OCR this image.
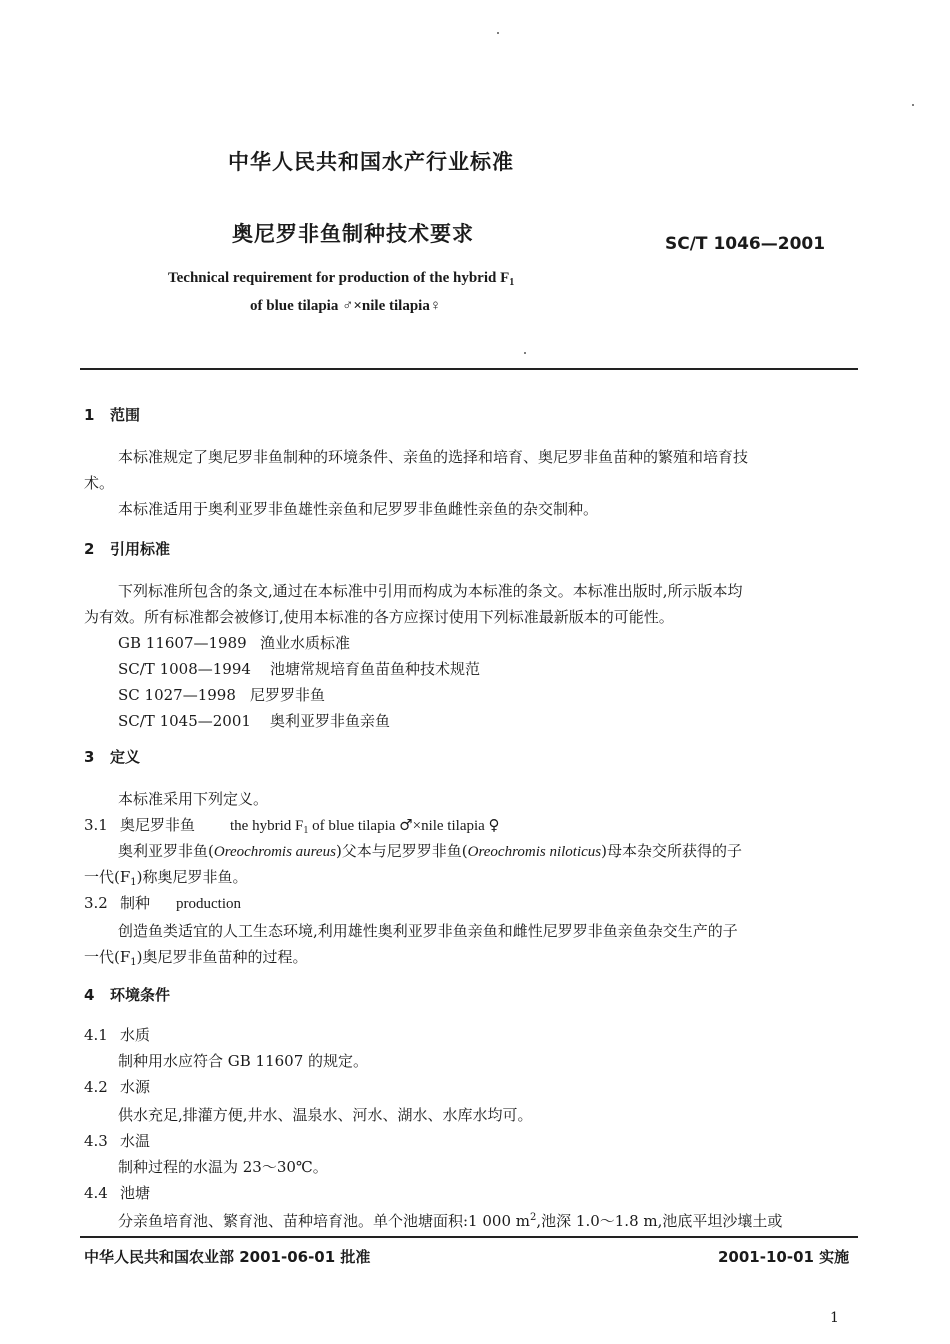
中华人民共和国水产行业标准
奥尼罗非鱼制种技术要求	SC/T 1046—2001
Technical requirement for production of the hybrid $F_1$
of blue tilapia ♂×nile tilapia♀
1 范围
本标准规定了奥尼罗非鱼制种的环境条件、亲鱼的选择和培育、奥尼罗非鱼苗种的繁殖和培育技
术。
本标准适用于奥利亚罗非鱼雄性亲鱼和尼罗罗非鱼雌性亲鱼的杂交制种。
2 引用标准
下列标准所包含的条文,通过在本标准中引用而构成为本标准的条文。本标准出版时,所示版本均
为有效。所有标准都会被修订,使用本标准的各方应探讨使用下列标准最新版本的可能性。
GB 11607—1989 渔业水质标准
SC/T 1008—1994 池塘常规培育鱼苗鱼种技术规范
SC 1027—1998 尼罗罗非鱼
SC/T 1045—2001 奥利亚罗非鱼亲鱼
3 定义
本标准采用下列定义。
3.1 奥尼罗非鱼 the hybrid $F_1$ of blue tilapia ♂×nile tilapia ♀
奥利亚罗非鱼(Oreochromis aureus)父本与尼罗罗非鱼(Oreochromis niloticus)母本杂交所获得的子
一代$(F_1)$称奥尼罗非鱼。
3.2 制种 production
创造鱼类适宜的人工生态环境,利用雄性奥利亚罗非鱼亲鱼和雌性尼罗罗非鱼亲鱼杂交生产的子
一代$(F_1)$奥尼罗非鱼苗种的过程。
4 环境条件
4.1 水质
制种用水应符合 GB 11607 的规定。
4.2 水源
供水充足,排灌方便,井水、温泉水、河水、湖水、水库水均可。
4.3 水温
制种过程的水温为 23～30℃。
4.4 池塘
分亲鱼培育池、繁育池、苗种培育池。单个池塘面积:1 000 $m^2$,池深 1.0～1.8 m,池底平坦沙壤土或
中华人民共和国农业部 2001-06-01 批准	2001-10-01 实施
1
